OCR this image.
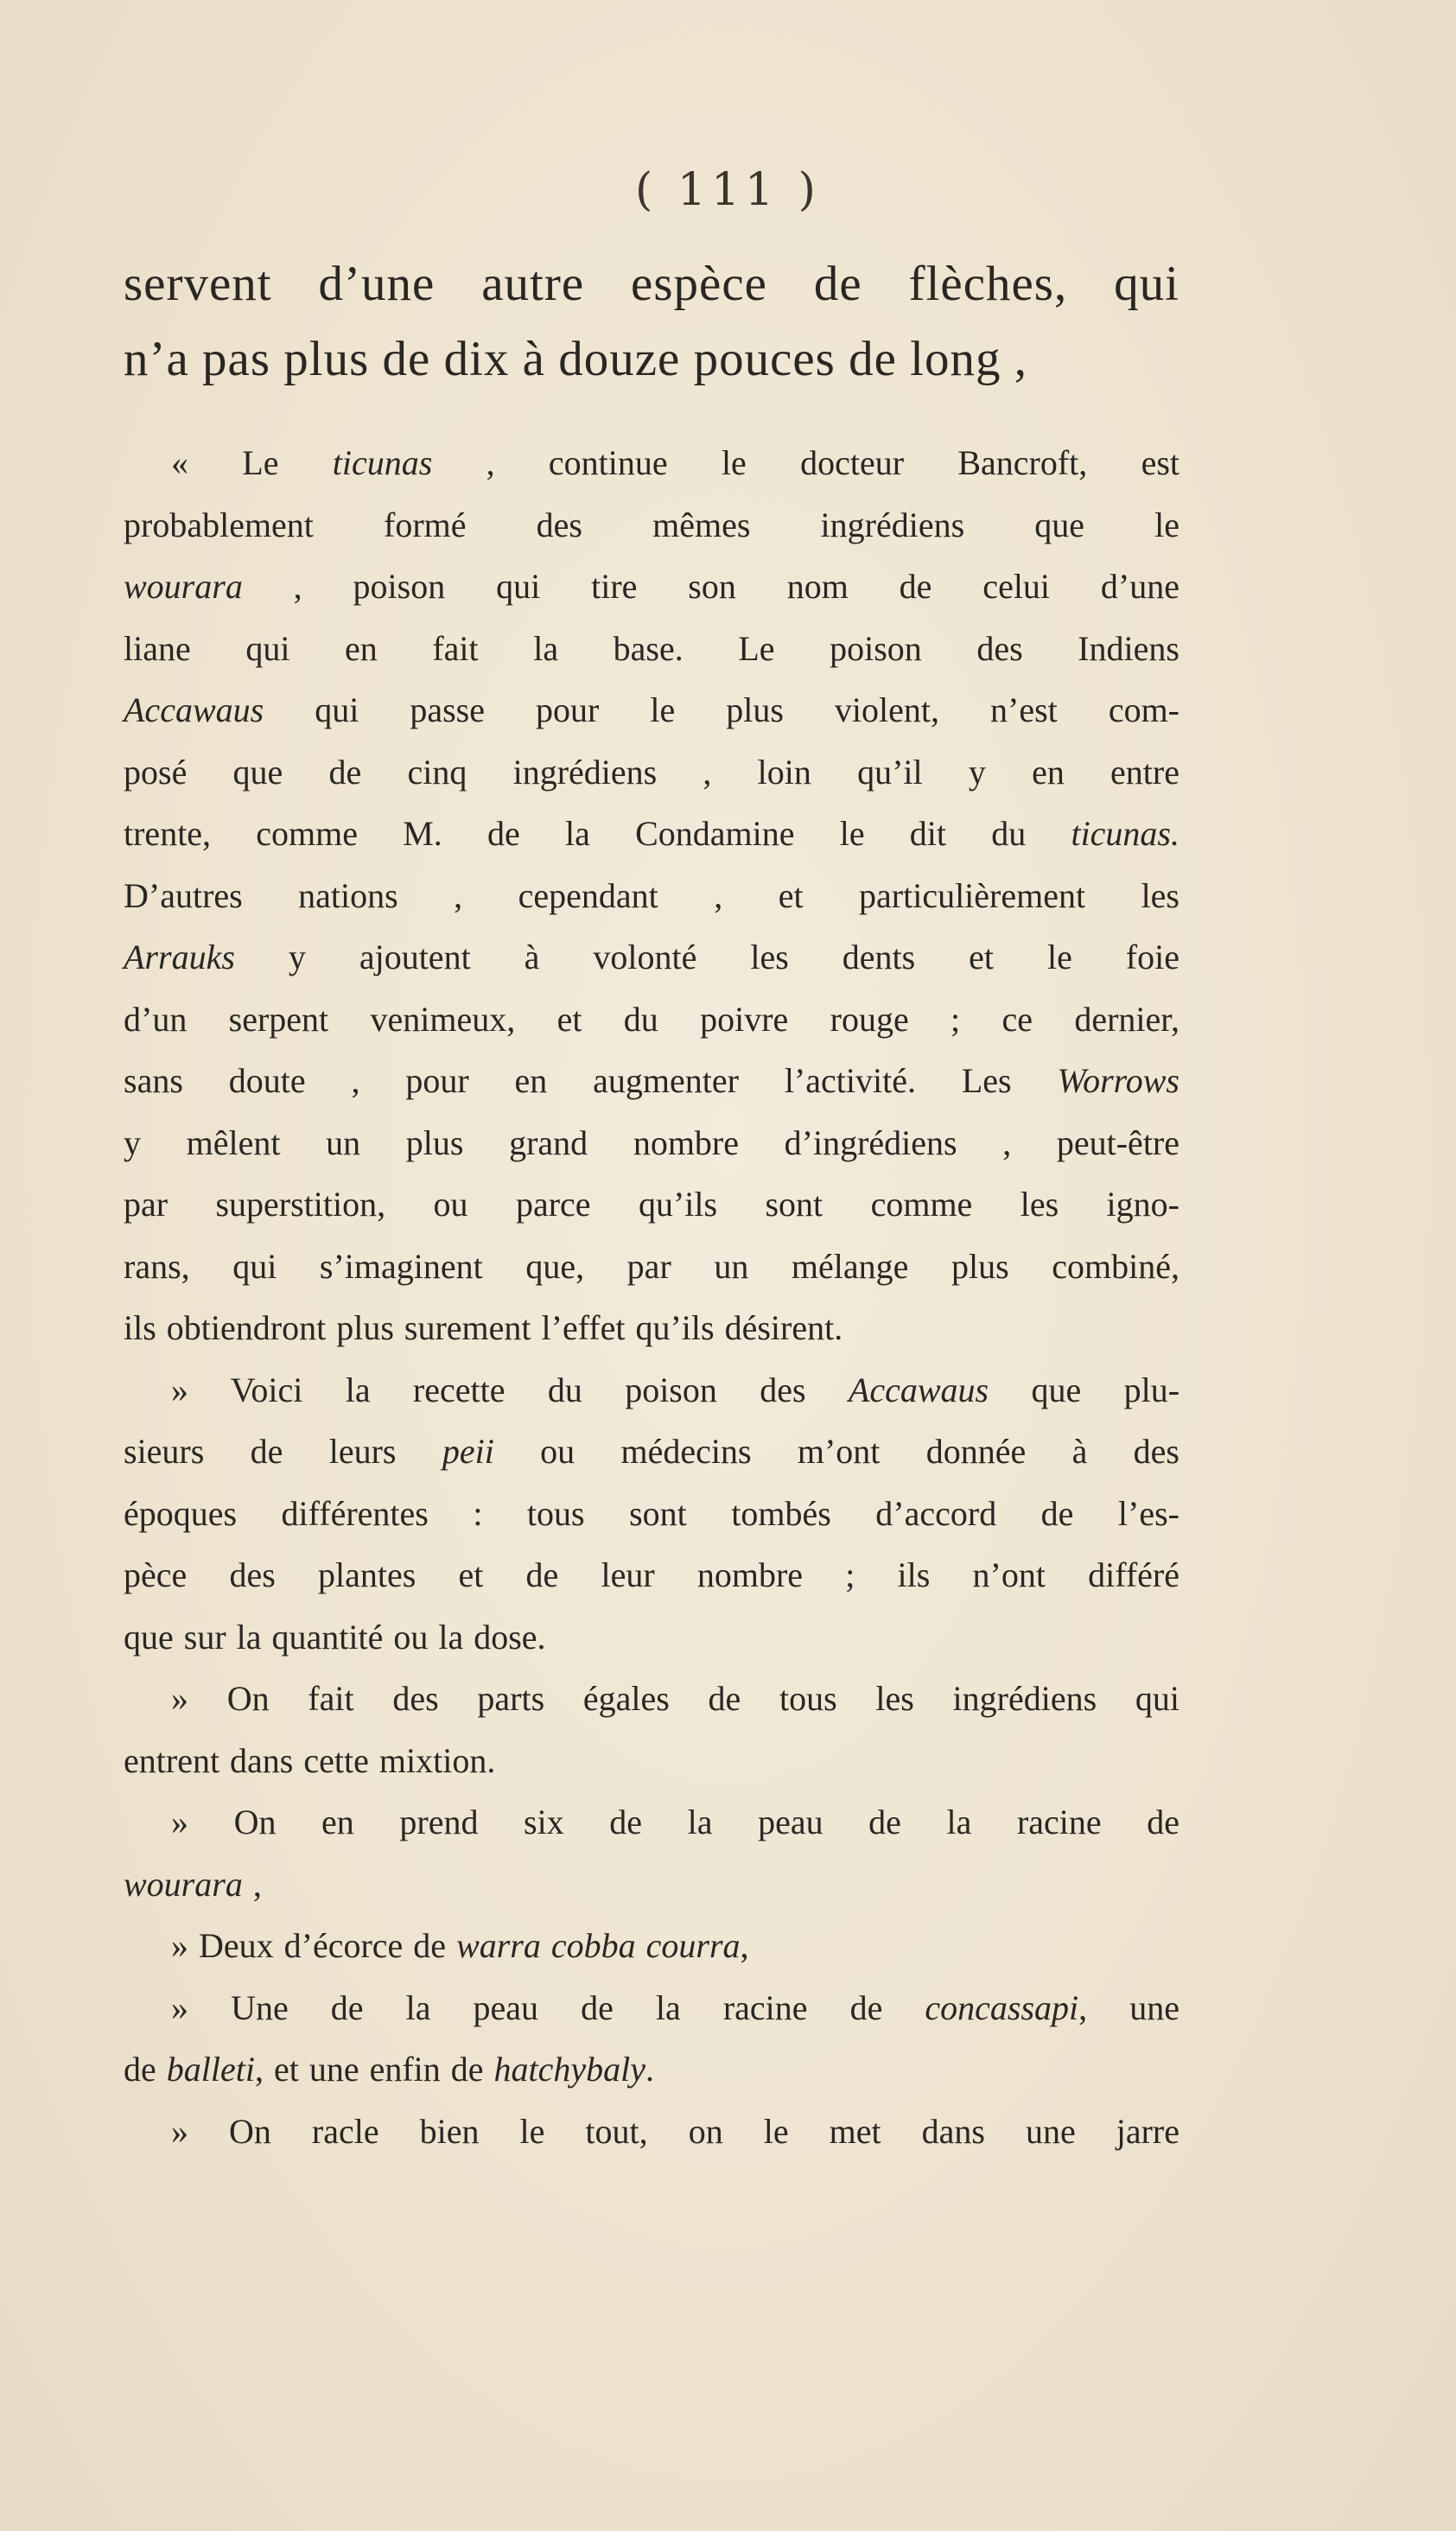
( 111 )
servent d’une autre espèce de flèches, qui
n’a pas plus de dix à douze pouces de long ,
« Le ticunas , continue le docteur Bancroft, est
probablement formé des mêmes ingrédiens que le
wourara , poison qui tire son nom de celui d’une
liane qui en fait la base. Le poison des Indiens
Accawaus qui passe pour le plus violent, n’est com-
posé que de cinq ingrédiens , loin qu’il y en entre
trente, comme M. de la Condamine le dit du ticunas.
D’autres nations , cependant , et particulièrement les
Arrauks y ajoutent à volonté les dents et le foie
d’un serpent venimeux, et du poivre rouge ; ce dernier,
sans doute , pour en augmenter l’activité. Les Worrows
y mêlent un plus grand nombre d’ingrédiens , peut-être
par superstition, ou parce qu’ils sont comme les igno-
rans, qui s’imaginent que, par un mélange plus combiné,
ils obtiendront plus surement l’effet qu’ils désirent.
» Voici la recette du poison des Accawaus que plu-
sieurs de leurs peii ou médecins m’ont donnée à des
époques différentes : tous sont tombés d’accord de l’es-
pèce des plantes et de leur nombre ; ils n’ont différé
que sur la quantité ou la dose.
» On fait des parts égales de tous les ingrédiens qui
entrent dans cette mixtion.
» On en prend six de la peau de la racine de
wourara ,
» Deux d’écorce de warra cobba courra,
» Une de la peau de la racine de concassapi, une
de balleti, et une enfin de hatchybaly.
» On racle bien le tout, on le met dans une jarre
